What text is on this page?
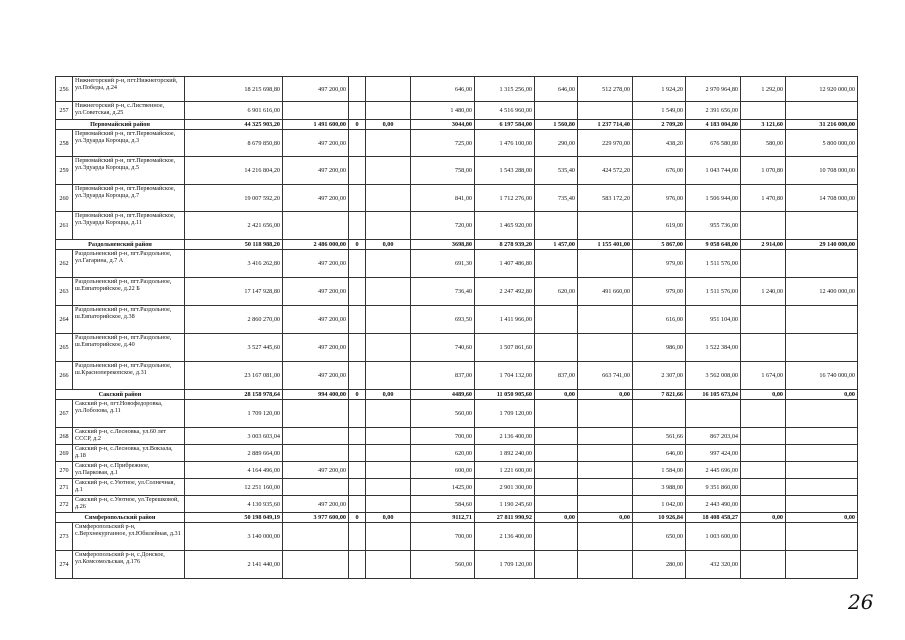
256	Нижнегорский р-н, пгт.Нижнегорский, ул.Победы, д.24	18 215 698,80	497 200,00			646,00	1 315 256,00	646,00	512 278,00	1 924,20	2 970 964,80	1 292,00	12 920 000,00	
257	Нижнегорский р-н, с.Лиственное, ул.Советская, д.25	6 901 616,00				1 480,00	4 516 960,00			1 549,00	2 391 656,00			
Первомайский район		44 325 903,20	1 491 600,00	0	0,00	3044,00	6 197 584,00	1 560,80	1 237 714,40	2 709,20	4 183 004,80	3 121,60	31 216 000,00	
258	Первомайский р-н, пгт.Первомайское, ул.Эдуарда Короцца, д.3	8 679 850,80	497 200,00			725,00	1 476 100,00	290,00	229 970,00	438,20	676 580,80	580,00	5 800 000,00	
259	Первомайский р-н, пгт.Первомайское, ул.Эдуарда Короцца, д.5	14 216 804,20	497 200,00			758,00	1 543 288,00	535,40	424 572,20	676,00	1 043 744,00	1 070,80	10 708 000,00	
260	Первомайский р-н, пгт.Первомайское, ул.Эдуарда Короцца, д.7	19 007 592,20	497 200,00			841,00	1 712 276,00	735,40	583 172,20	976,00	1 506 944,00	1 470,80	14 708 000,00	
261	Первомайский р-н, пгт.Первомайское, ул.Эдуарда Короцца, д.11	2 421 656,00				720,00	1 465 920,00			619,00	955 736,00			
Раздольненский район		50 118 988,20	2 486 000,00	0	0,00	3698,80	8 278 939,20	1 457,00	1 155 401,00	5 867,00	9 058 648,00	2 914,00	29 140 000,00	
262	Раздольненский р-н, пгт.Раздольное, ул.Гагарина, д.7 А	3 416 262,80	497 200,00			691,30	1 407 486,80			979,00	1 511 576,00			
263	Раздольненский р-н, пгт.Раздольное, ш.Евпаторийское, д.22 Б	17 147 928,80	497 200,00			736,40	2 247 492,80	620,00	491 660,00	979,00	1 511 576,00	1 240,00	12 400 000,00	
264	Раздольненский р-н, пгт.Раздольное, ш.Евпаторийское, д.38	2 860 270,00	497 200,00			693,50	1 411 966,00			616,00	951 104,00			
265	Раздольненский р-н, пгт.Раздольное, ш.Евпаторийское, д.40	3 527 445,60	497 200,00			740,60	1 507 861,60			986,00	1 522 384,00			
266	Раздольненский р-н, пгт.Раздольное, ш.Красноперекопское, д.31	23 167 081,00	497 200,00			837,00	1 704 132,00	837,00	663 741,00	2 307,00	3 562 008,00	1 674,00	16 740 000,00	
Сакский район		28 158 978,64	994 400,00	0	0,00	4489,60	11 050 905,60	0,00	0,00	7 821,66	16 105 673,04	0,00	0,00	
267	Сакский р-н, пгт.Новофедоровка, ул.Лобозова, д.11	1 709 120,00				560,00	1 709 120,00							
268	Сакский р-н, с.Лесновка, ул.60 лет СССР, д.2	3 003 603,04				700,00	2 136 400,00			561,66	867 203,04			
269	Сакский р-н, с.Лесновка, ул.Вокзала, д.18	2 889 664,00				620,00	1 892 240,00			646,00	997 424,00			
270	Сакский р-н, с.Прибрежное, ул.Парковая, д.1	4 164 496,00	497 200,00			600,00	1 221 600,00			1 584,00	2 445 696,00			
271	Сакский р-н, с.Уютное, ул.Солнечная, д.1	12 251 160,00				1425,00	2 901 300,00			3 988,00	9 351 860,00			
272	Сакский р-н, с.Уютное, ул.Терешковой, д.26	4 130 935,60	497 200,00			584,60	1 190 245,60			1 042,00	2 443 490,00			
Симферопольский район		50 198 049,19	3 977 600,00	0	0,00	9112,71	27 811 990,92	0,00	0,00	10 926,84	18 408 458,27	0,00	0,00	
273	Симферопольский р-н, с.Верхнекурганное, ул.Юбилейная, д.31	3 140 000,00				700,00	2 136 400,00			650,00	1 003 600,00			
274	Симферопольский р-н, с.Донское, ул.Комсомольская, д.176	2 141 440,00				560,00	1 709 120,00			280,00	432 320,00			
26
